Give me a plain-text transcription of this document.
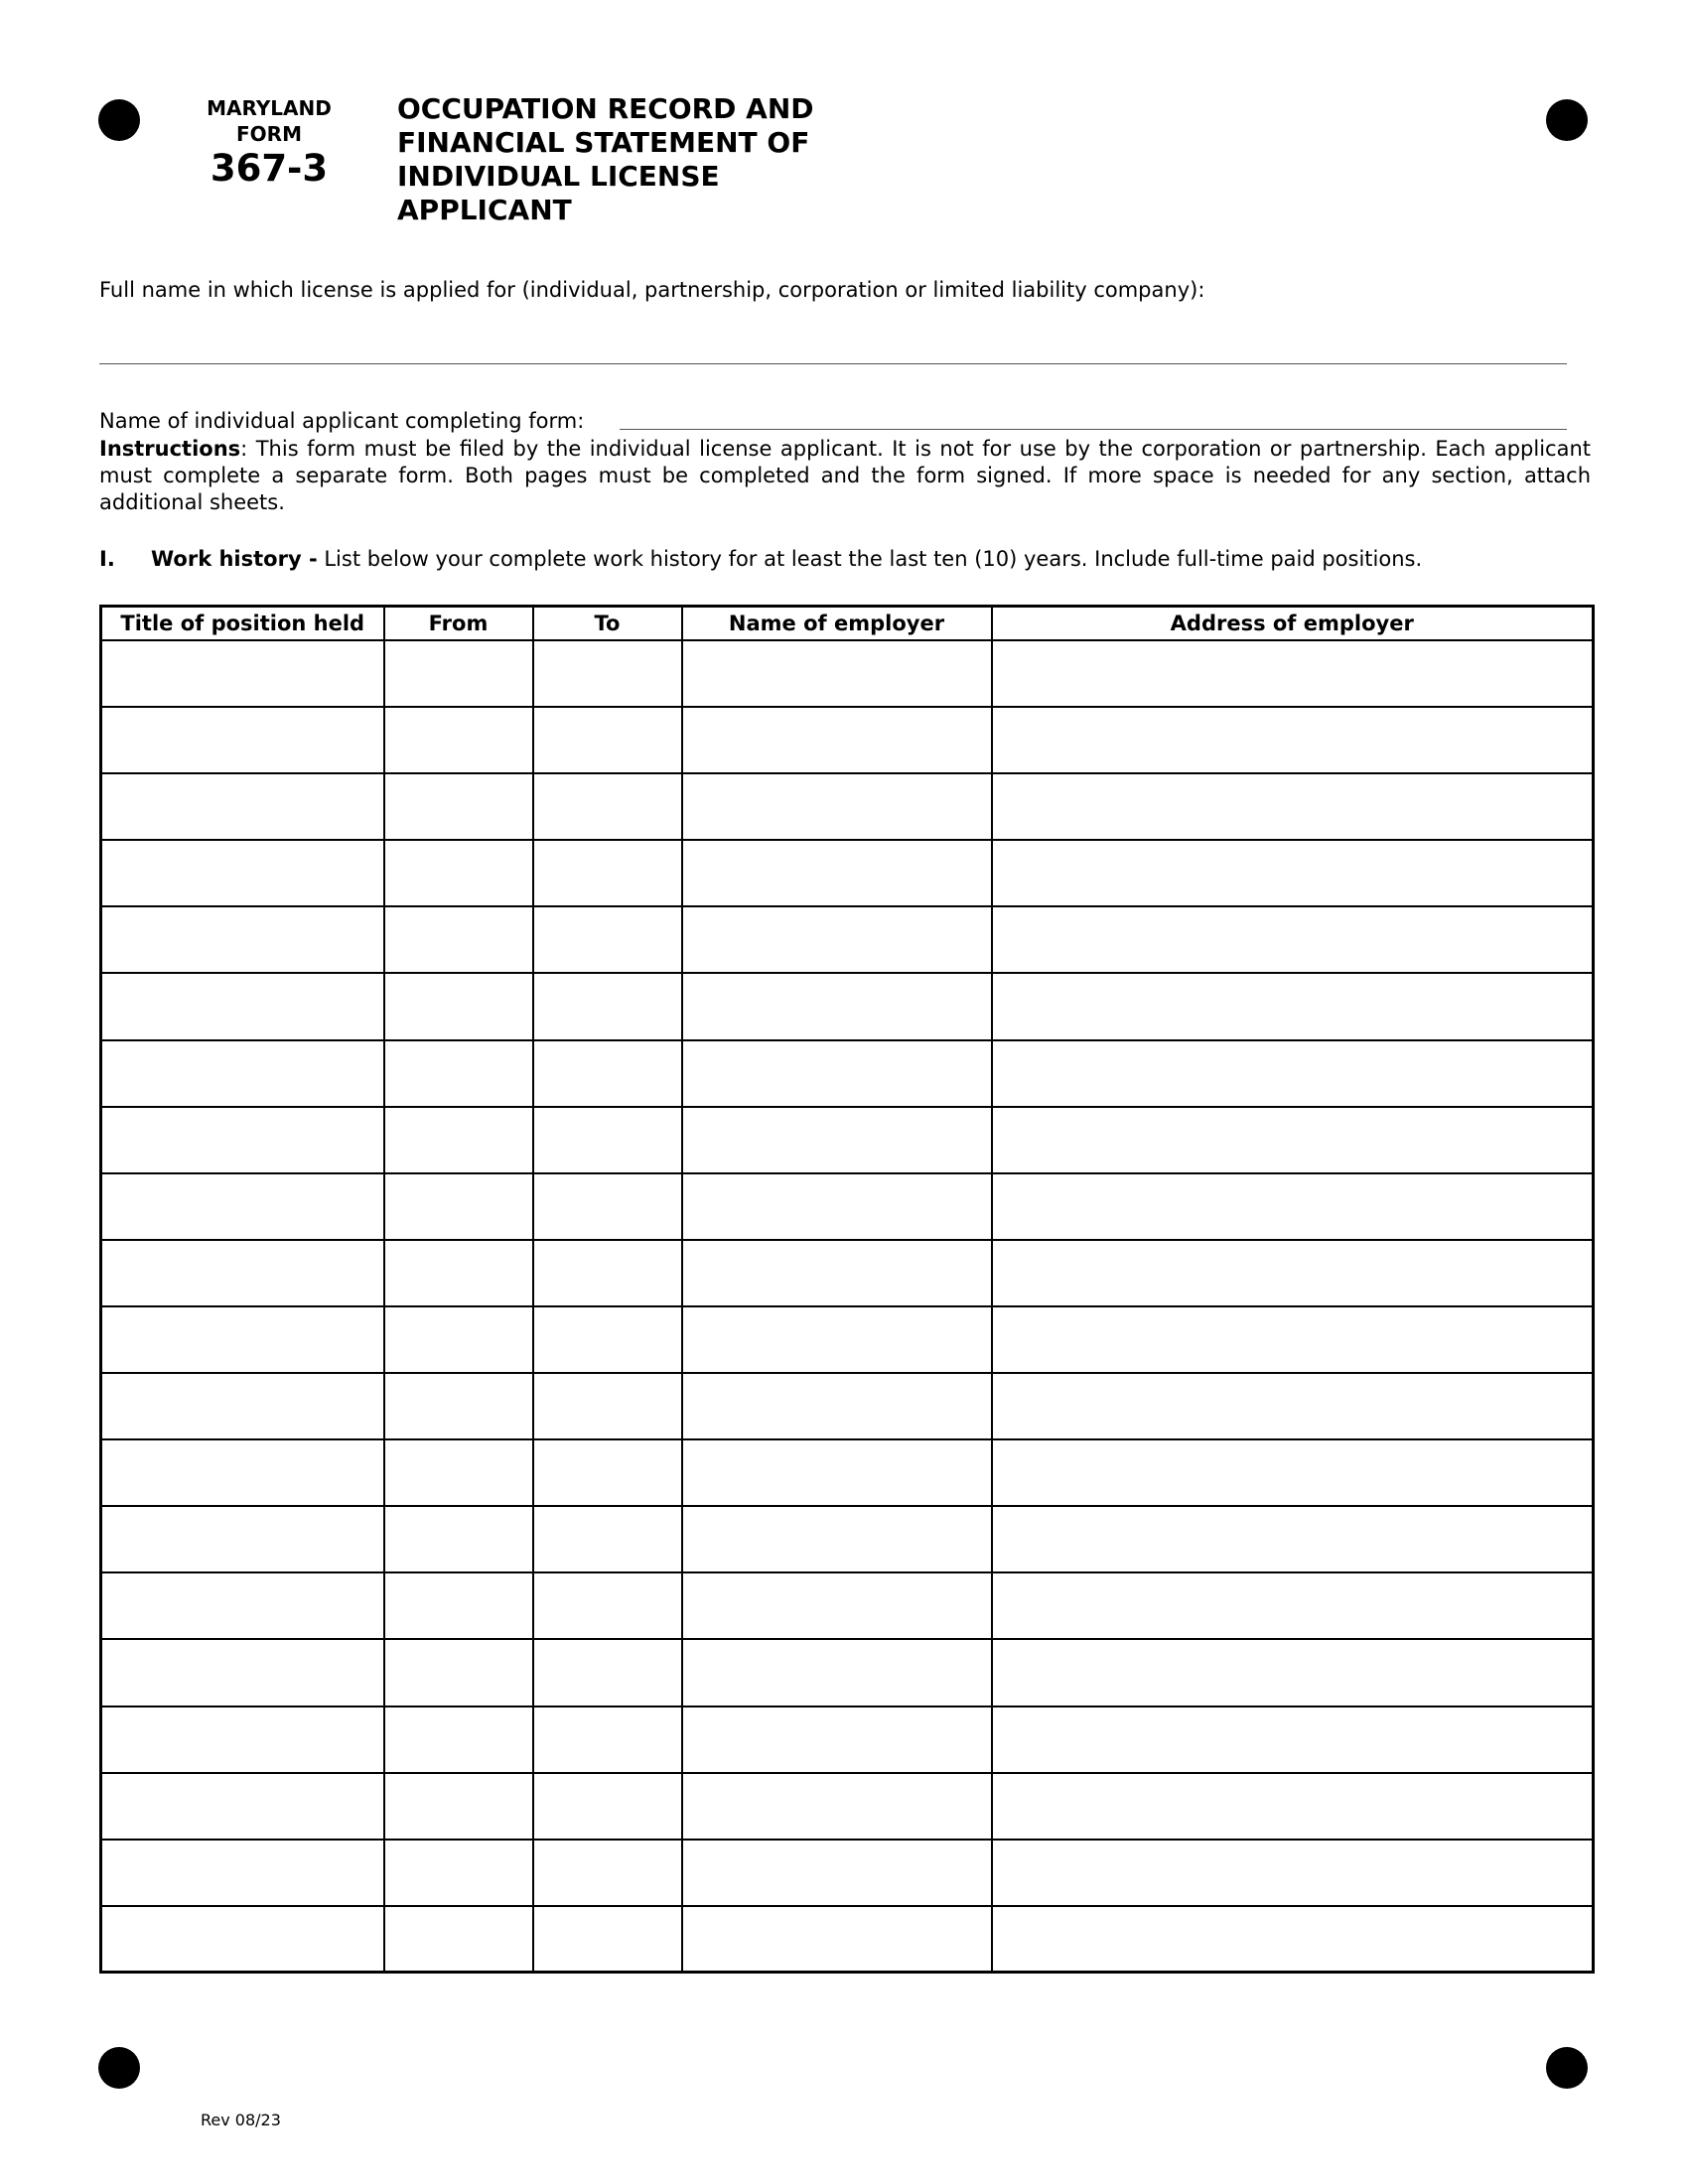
MARYLAND
FORM
367-3
OCCUPATION RECORD AND FINANCIAL STATEMENT OF INDIVIDUAL LICENSE APPLICANT
Full name in which license is applied for (individual, partnership, corporation or limited liability company):
Name of individual applicant completing form:
Instructions: This form must be filed by the individual license applicant. It is not for use by the corporation or partnership. Each applicant must complete a separate form. Both pages must be completed and the form signed. If more space is needed for any section, attach additional sheets.
I. Work history - List below your complete work history for at least the last ten (10) years. Include full-time paid positions.
Title of position held	From	To	Name of employer	Address of employer

Rev 08/23
